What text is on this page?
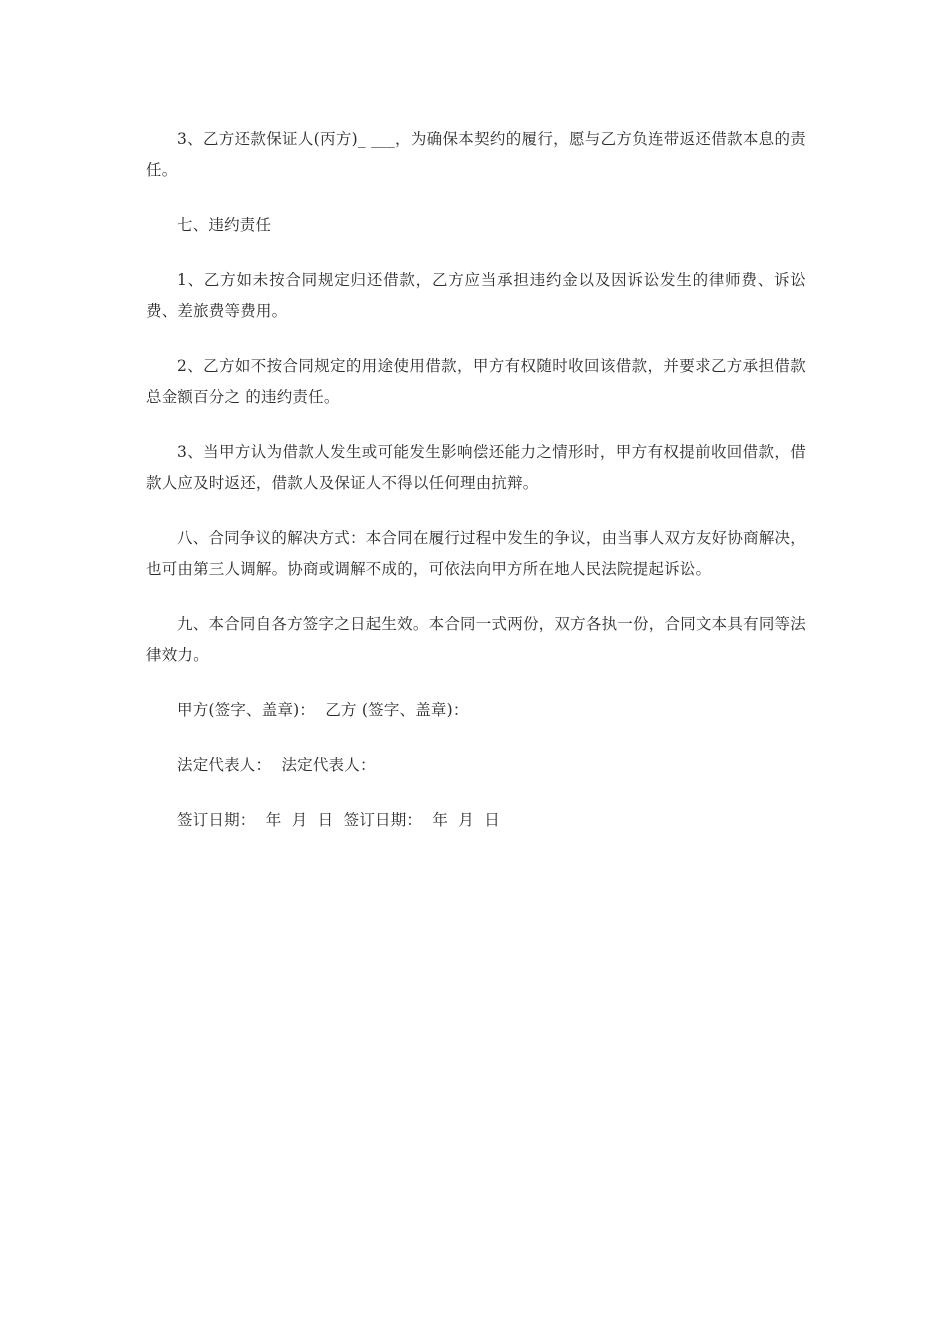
3、乙方还款保证人(丙方)_ ___，为确保本契约的履行，愿与乙方负连带返还借款本息的责任。

七、违约责任

1、乙方如未按合同规定归还借款，乙方应当承担违约金以及因诉讼发生的律师费、诉讼费、差旅费等费用。

2、乙方如不按合同规定的用途使用借款，甲方有权随时收回该借款，并要求乙方承担借款总金额百分之 的违约责任。

3、当甲方认为借款人发生或可能发生影响偿还能力之情形时，甲方有权提前收回借款，借款人应及时返还，借款人及保证人不得以任何理由抗辩。

八、合同争议的解决方式：本合同在履行过程中发生的争议，由当事人双方友好协商解决，也可由第三人调解。协商或调解不成的，可依法向甲方所在地人民法院提起诉讼。

九、本合同自各方签字之日起生效。本合同一式两份，双方各执一份，合同文本具有同等法律效力。

甲方(签字、盖章)：  乙方 (签字、盖章)：

法定代表人：  法定代表人：

签订日期：  年  月  日  签订日期：  年  月  日
